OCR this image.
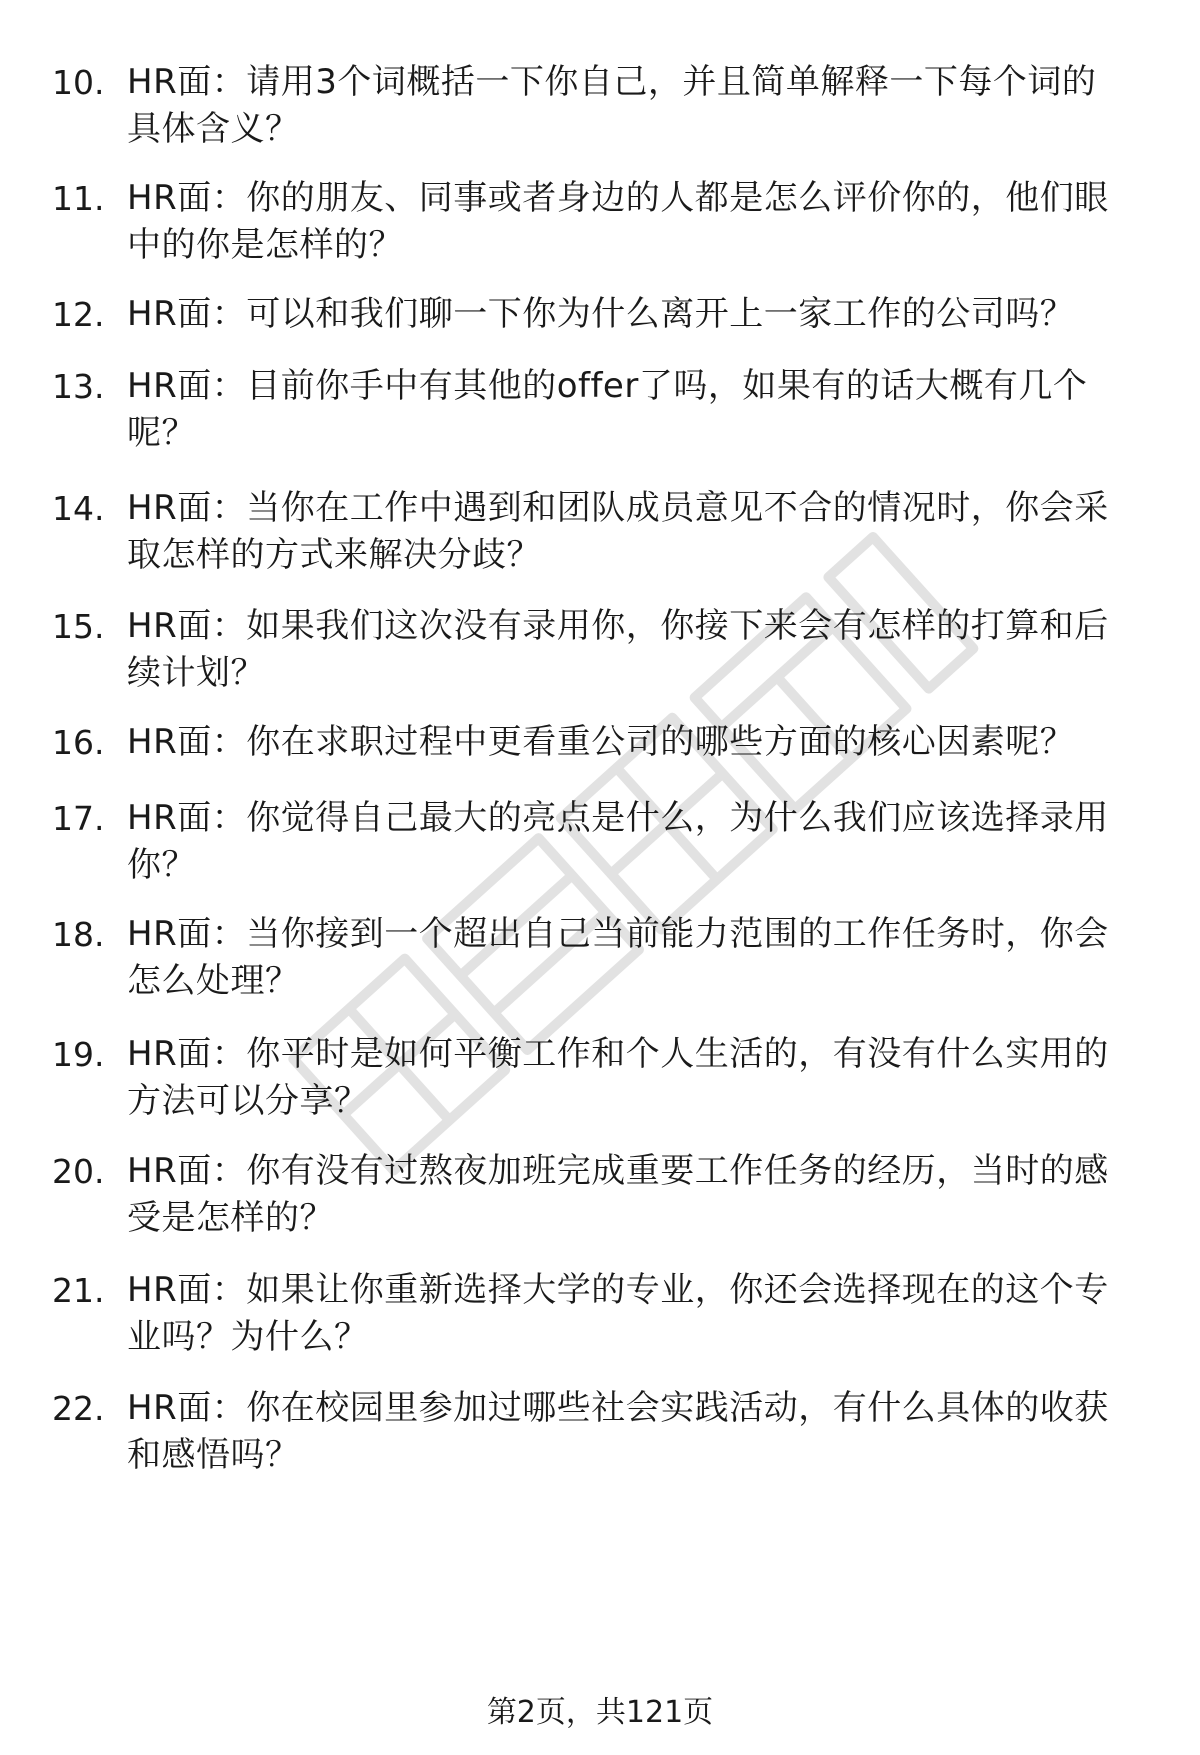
10. HR面：请用3个词概括一下你自己，并且简单解释一下每个词的
具体含义？
11. HR面：你的朋友、同事或者身边的人都是怎么评价你的，他们眼
中的你是怎样的？
12. HR面：可以和我们聊一下你为什么离开上一家工作的公司吗？
13. HR面：目前你手中有其他的offer了吗，如果有的话大概有几个
呢？
14. HR面：当你在工作中遇到和团队成员意见不合的情况时，你会采
取怎样的方式来解决分歧？
15. HR面：如果我们这次没有录用你，你接下来会有怎样的打算和后
续计划？
16. HR面：你在求职过程中更看重公司的哪些方面的核心因素呢？
17. HR面：你觉得自己最大的亮点是什么，为什么我们应该选择录用
你？
18. HR面：当你接到一个超出自己当前能力范围的工作任务时，你会
怎么处理？
19. HR面：你平时是如何平衡工作和个人生活的，有没有什么实用的
方法可以分享？
20. HR面：你有没有过熬夜加班完成重要工作任务的经历，当时的感
受是怎样的？
21. HR面：如果让你重新选择大学的专业，你还会选择现在的这个专
业吗？为什么？
22. HR面：你在校园里参加过哪些社会实践活动，有什么具体的收获
和感悟吗？
第2页，共121页
